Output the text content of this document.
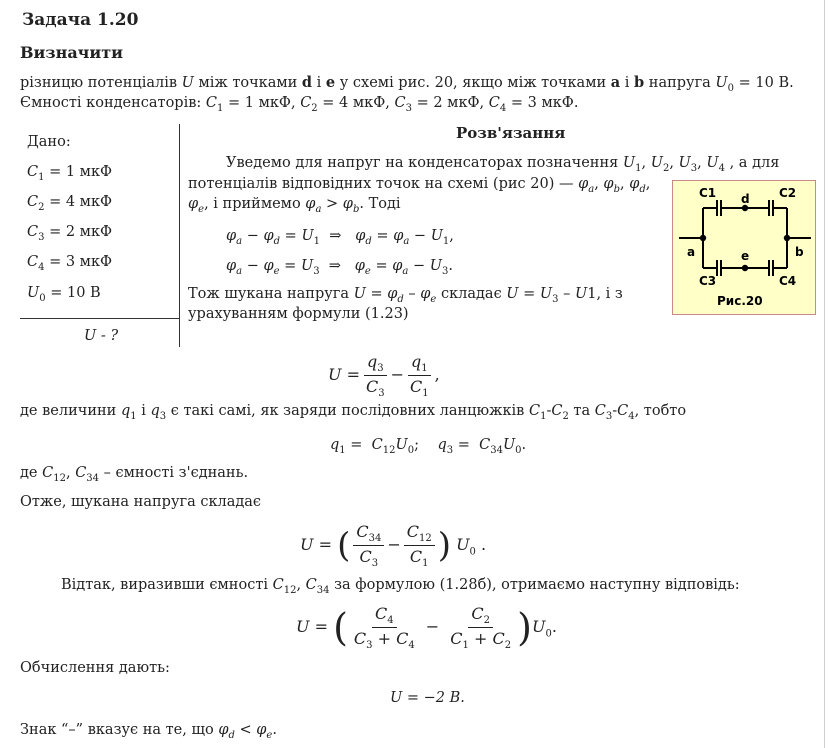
Задача 1.20
Визначити
різницю потенціалів U між точками d і e у схемі рис. 20, якщо між точками a і b напруга $U_0 = 10$ В.
Ємності конденсаторів: $C_1 = 1$ мкФ, $C_2 = 4$ мкФ, $C_3 = 2$ мкФ, $C_4 = 3$ мкФ.
Дано:
$C_1 = 1$ мкФ
$C_2 = 4$ мкФ
$C_3 = 2$ мкФ
$C_4 = 3$ мкФ
$U_0 = 10$ В
U - ?
Розв'язання
Уведемо для напруг на конденсаторах позначення $U_1$, $U_2$, $U_3$, $U_4$ , а для
потенціалів відповідних точок на схемі (рис 20) — $\varphi_a$, $\varphi_b$, $\varphi_d$,
$\varphi_e$, і приймемо $\varphi_a > \varphi_b$. Тоді
$\varphi_a - \varphi_d = U_1$  ⇒   $\varphi_d = \varphi_a - U_1$,
$\varphi_a - \varphi_e = U_3$  ⇒   $\varphi_e = \varphi_a - U_3$.
Тож шукана напруга $U = \varphi_d - \varphi_e$ складає $U = U_3 - U1$, і з
урахуванням формули (1.23)
$U = \frac{q_3}{C_3} - \frac{q_1}{C_1}$ ,
де величини $q_1$ і $q_3$ є такі самі, як заряди послідовних ланцюжків $C_1-C_2$ та $C_3-C_4$, тобто
$q_1 = C_{12}U_0$;    $q_3 = C_{34}U_0$.
де $C_{12}$, $C_{34}$ – ємності з'єднань.
Отже, шукана напруга складає
U = ( $\frac{C_{34}}{C_3} - \frac{C_{12}}{C_1}$ ) $U_0$ .
Відтак, виразивши ємності $C_{12}$, $C_{34}$ за формулою (1.28б), отримаємо наступну відповідь:
U = ( $\frac{C_4}{C_3 + C_4} - \frac{C_2}{C_1 + C_2} )U_0$.
Обчислення дають:
U = −2 В.
Знак “–” вказує на те, що $\varphi_d < \varphi_e$.
C1	C2
C3	C4
d
e
a	b
Рис.20
